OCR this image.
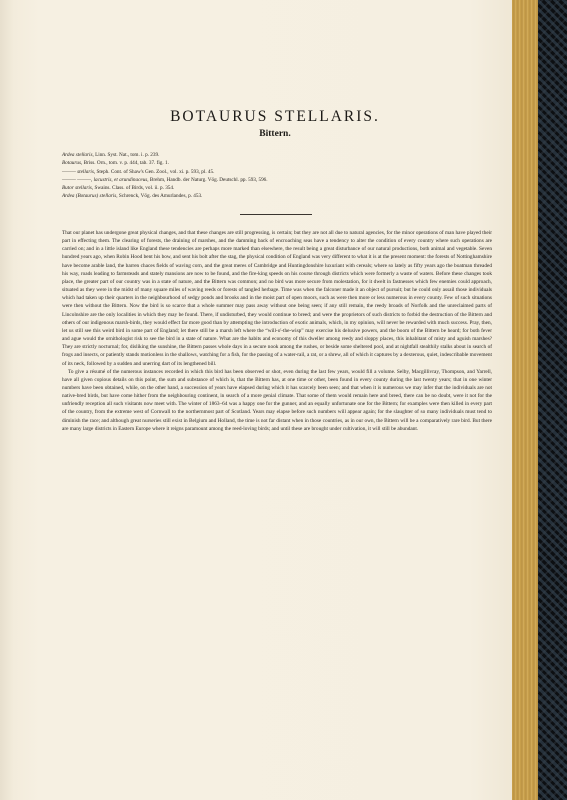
BOTAURUS STELLARIS.
Bittern.
Ardea stellaris, Linn. Syst. Nat., tom. i. p. 239.
Botaurus, Briss. Orn., tom. v. p. 444, tab. 37. fig. 1.
——— stellaris, Steph. Cont. of Shaw's Gen. Zool., vol. xi. p. 593, pl. 45.
——— ———, lacustris, et arundinaceus, Brehm, Handb. der Naturg. Vög. Deutschl. pp. 593, 596.
Butor stellaris, Swains. Class. of Birds, vol. ii. p. 354.
Ardea (Botaurus) stellaris, Schrenck, Vög. des Amurlandes, p. 453.

That our planet has undergone great physical changes, and that these changes are still progressing, is certain; but they are not all due to natural agencies, for the minor operations of man have played their part in effecting them. The clearing of forests, the draining of marshes, and the damming back of encroaching seas have a tendency to alter the condition of every country where such operations are carried on; and in a little island like England these tendencies are perhaps more marked than elsewhere, the result being a great disturbance of our natural productions, both animal and vegetable. Seven hundred years ago, when Robin Hood bent his bow, and sent his bolt after the stag, the physical condition of England was very different to what it is at the present moment: the forests of Nottinghamshire have become arable land, the barren chaces fields of waving corn, and the great meres of Cambridge and Huntingdonshire luxuriant with cereals; where so lately as fifty years ago the boatman threaded his way, roads leading to farmsteads and stately mansions are now to be found, and the fire-king speeds on his course through districts which were formerly a waste of waters. Before these changes took place, the greater part of our country was in a state of nature, and the Bittern was common; and no bird was more secure from molestation, for it dwelt in fastnesses which few enemies could approach, situated as they were in the midst of many square miles of waving reeds or forests of tangled herbage. Time was when the falconer made it an object of pursuit; but he could only assail those individuals which had taken up their quarters in the neighbourhood of sedgy ponds and brooks and in the moist part of open moors, such as were then more or less numerous in every county. Few of such situations were then without the Bittern. Now the bird is so scarce that a whole summer may pass away without one being seen; if any still remain, the reedy broads of Norfolk and the unreclaimed parts of Lincolnshire are the only localities in which they may be found. There, if undisturbed, they would continue to breed; and were the proprietors of such districts to forbid the destruction of the Bittern and others of our indigenous marsh-birds, they would effect far more good than by attempting the introduction of exotic animals, which, in my opinion, will never be rewarded with much success. Pray, then, let us still see this weird bird in some part of England; let there still be a marsh left where the “will-o'-the-wisp” may exercise his delusive powers, and the boom of the Bittern be heard; for both fever and ague would the ornithologist risk to see the bird in a state of nature. What are the habits and economy of this dweller among reedy and sloppy places, this inhabitant of misty and aguish marshes? They are strictly nocturnal; for, disliking the sunshine, the Bittern passes whole days in a secure nook among the rushes, or beside some sheltered pool, and at nightfall stealthily stalks about in search of frogs and insects, or patiently stands motionless in the shallows, watching for a fish, for the passing of a water-rail, a rat, or a shrew, all of which it captures by a dexterous, quiet, indescribable movement of its neck, followed by a sudden and unerring dart of its lengthened bill.

To give a résumé of the numerous instances recorded in which this bird has been observed or shot, even during the last few years, would fill a volume. Selby, Macgillivray, Thompson, and Yarrell, have all given copious details on this point, the sum and substance of which is, that the Bittern has, at one time or other, been found in every county during the last twenty years; that in one winter numbers have been obtained, while, on the other hand, a succession of years have elapsed during which it has scarcely been seen; and that when it is numerous we may infer that the individuals are not native-bred birds, but have come hither from the neighbouring continent, in search of a more genial climate. That some of them would remain here and breed, there can be no doubt, were it not for the unfriendly reception all such visitants now meet with. The winter of 1863–64 was a happy one for the gunner, and an equally unfortunate one for the Bittern; for examples were then killed in every part of the country, from the extreme west of Cornwall to the northernmost part of Scotland. Years may elapse before such numbers will appear again; for the slaughter of so many individuals must tend to diminish the race; and although great nurseries still exist in Belgium and Holland, the time is not far distant when in those countries, as in our own, the Bittern will be a comparatively rare bird. But there are many large districts in Eastern Europe where it reigns paramount among the reed-loving birds; and until these are brought under cultivation, it will still be abundant.
